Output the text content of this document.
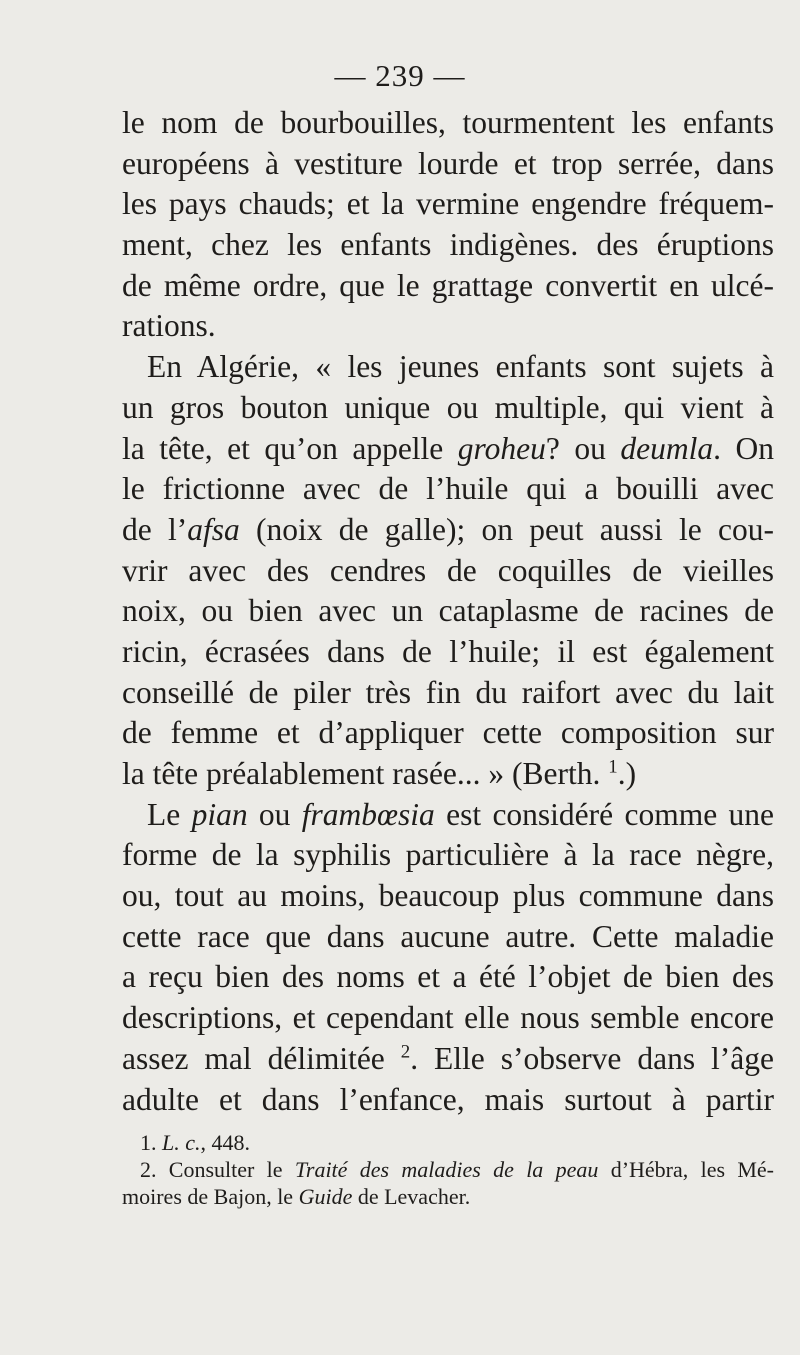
— 239 —
le nom de bourbouilles, tourmentent les enfants
européens à vestiture lourde et trop serrée, dans
les pays chauds; et la vermine engendre fréquem-
ment, chez les enfants indigènes. des éruptions
de même ordre, que le grattage convertit en ulcé-
rations.
En Algérie, « les jeunes enfants sont sujets à
un gros bouton unique ou multiple, qui vient à
la tête, et qu’on appelle groheu? ou deumla. On
le frictionne avec de l’huile qui a bouilli avec
de l’afsa (noix de galle); on peut aussi le cou-
vrir avec des cendres de coquilles de vieilles
noix, ou bien avec un cataplasme de racines de
ricin, écrasées dans de l’huile; il est également
conseillé de piler très fin du raifort avec du lait
de femme et d’appliquer cette composition sur
la tête préalablement rasée... » (Berth. $^1$.)
Le pian ou frambœsia est considéré comme une
forme de la syphilis particulière à la race nègre,
ou, tout au moins, beaucoup plus commune dans
cette race que dans aucune autre. Cette maladie
a reçu bien des noms et a été l’objet de bien des
descriptions, et cependant elle nous semble encore
assez mal délimitée $^2$. Elle s’observe dans l’âge
adulte et dans l’enfance, mais surtout à partir
1. L. c., 448.
2. Consulter le Traité des maladies de la peau d’Hébra, les Mé-
moires de Bajon, le Guide de Levacher.
